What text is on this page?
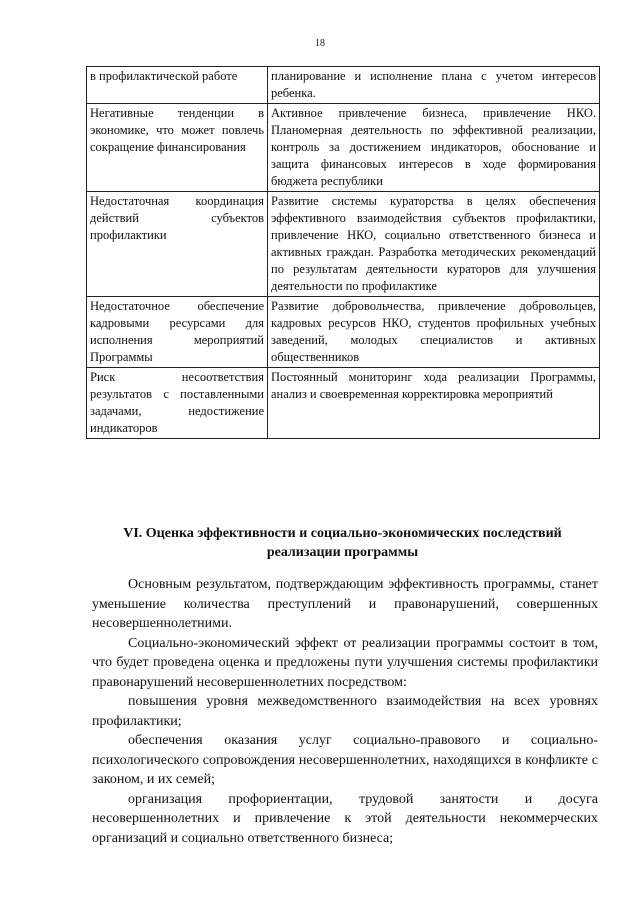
18
в профилактической работе	планирование и исполнение плана с учетом интересов ребенка.
Негативные тенденции в экономике, что может повлечь сокращение финансирования	Активное привлечение бизнеса, привлечение НКО. Планомерная деятельность по эффективной реализации, контроль за достижением индикаторов, обоснование и защита финансовых интересов в ходе формирования бюджета республики
Недостаточная координация действий субъектов профилактики	Развитие системы кураторства в целях обеспечения эффективного взаимодействия субъектов профилактики, привлечение НКО, социально ответственного бизнеса и активных граждан. Разработка методических рекомендаций по результатам деятельности кураторов для улучшения деятельности по профилактике
Недостаточное обеспечение кадровыми ресурсами для исполнения мероприятий Программы	Развитие добровольчества, привлечение добровольцев, кадровых ресурсов НКО, студентов профильных учебных заведений, молодых специалистов и активных общественников
Риск несоответствия результатов с поставленными задачами, недостижение индикаторов	Постоянный мониторинг хода реализации Программы, анализ и своевременная корректировка мероприятий
VI. Оценка эффективности и социально-экономических последствий
реализации программы

Основным результатом, подтверждающим эффективность программы, станет уменьшение количества преступлений и правонарушений, совершенных несовершеннолетними.

Социально-экономический эффект от реализации программы состоит в том, что будет проведена оценка и предложены пути улучшения системы профилактики правонарушений несовершеннолетних посредством:

повышения уровня межведомственного взаимодействия на всех уровнях профилактики;

обеспечения оказания услуг социально-правового и социально-психологического сопровождения несовершеннолетних, находящихся в конфликте с законом, и их семей;

организация профориентации, трудовой занятости и досуга несовершеннолетних и привлечение к этой деятельности некоммерческих организаций и социально ответственного бизнеса;
